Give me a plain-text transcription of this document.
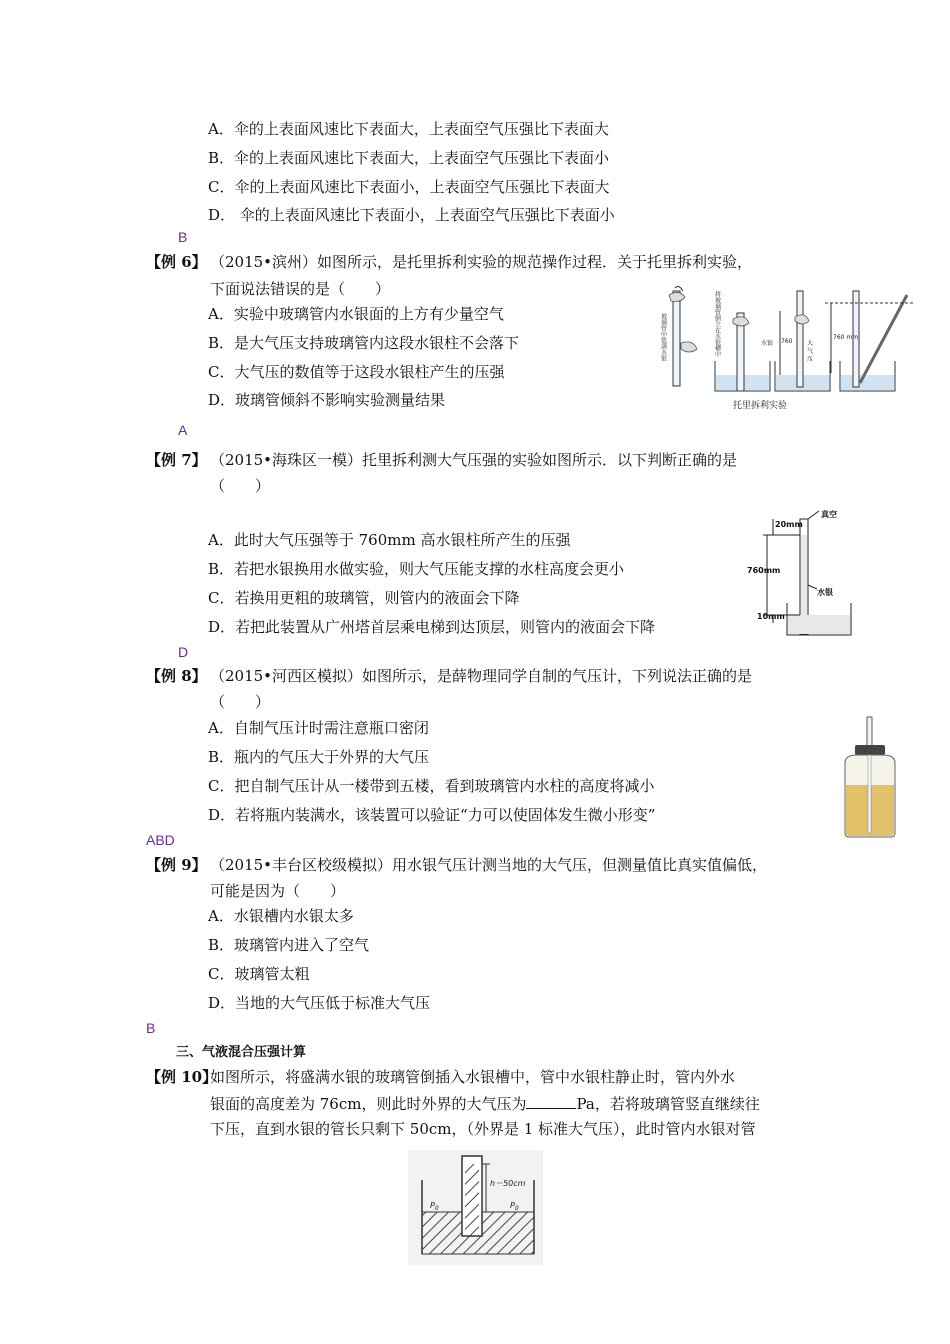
A．伞的上表面风速比下表面大，上表面空气压强比下表面大
B．伞的上表面风速比下表面大，上表面空气压强比下表面小
C．伞的上表面风速比下表面小，上表面空气压强比下表面大
D． 伞的上表面风速比下表面小，上表面空气压强比下表面小
B
【例 6】 （2015•滨州）如图所示，是托里拆利实验的规范操作过程．关于托里拆利实验，
下面说法错误的是（　　）
A．实验中玻璃管内水银面的上方有少量空气
B．是大气压支持玻璃管内这段水银柱不会落下
C．大气压的数值等于这段水银柱产生的压强
D．玻璃管倾斜不影响实验测量结果
A
玻璃管中装满水银	将玻璃管倒立在水银槽中	水银 760 大
气
压
760 mm
托里拆利实验
【例 7】 （2015•海珠区一模）托里拆利测大气压强的实验如图所示．以下判断正确的是
（　　）
A．此时大气压强等于 760mm 高水银柱所产生的压强
B．若把水银换用水做实验，则大气压能支撑的水柱高度会更小
C．若换用更粗的玻璃管，则管内的液面会下降
D．若把此装置从广州塔首层乘电梯到达顶层，则管内的液面会下降
D
20mm
真空
760mm
水银
10mm
【例 8】 （2015•河西区模拟）如图所示，是薛物理同学自制的气压计，下列说法正确的是
（　　）
A．自制气压计时需注意瓶口密闭
B．瓶内的气压大于外界的大气压
C．把自制气压计从一楼带到五楼，看到玻璃管内水柱的高度将减小
D．若将瓶内装满水，该装置可以验证“力可以使固体发生微小形变”
ABD
【例 9】 （2015•丰台区校级模拟）用水银气压计测当地的大气压，但测量值比真实值偏低，
可能是因为（　　）
A．水银槽内水银太多
B．玻璃管内进入了空气
C．玻璃管太粗
D．当地的大气压低于标准大气压
B
三、气液混合压强计算
【例 10】
如图所示，将盛满水银的玻璃管倒插入水银槽中，管中水银柱静止时，管内外水
银面的高度差为 76cm，则此时外界的大气压为	Pa，若将玻璃管竖直继续往
下压，直到水银的管长只剩下 50cm，（外界是 1 标准大气压），此时管内水银对管
h＝50cm
$P_0$	$P_0$
